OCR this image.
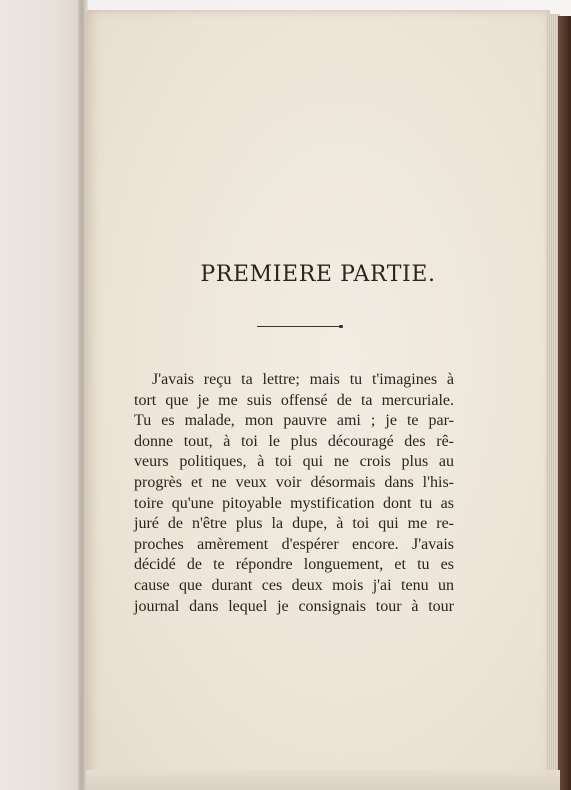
PREMIERE PARTIE.
J'avais reçu ta lettre; mais tu t'imagines à
tort que je me suis offensé de ta mercuriale.
Tu es malade, mon pauvre ami ; je te par-
donne tout, à toi le plus découragé des rê-
veurs politiques, à toi qui ne crois plus au
progrès et ne veux voir désormais dans l'his-
toire qu'une pitoyable mystification dont tu as
juré de n'être plus la dupe, à toi qui me re-
proches amèrement d'espérer encore. J'avais
décidé de te répondre longuement, et tu es
cause que durant ces deux mois j'ai tenu un
journal dans lequel je consignais tour à tour
